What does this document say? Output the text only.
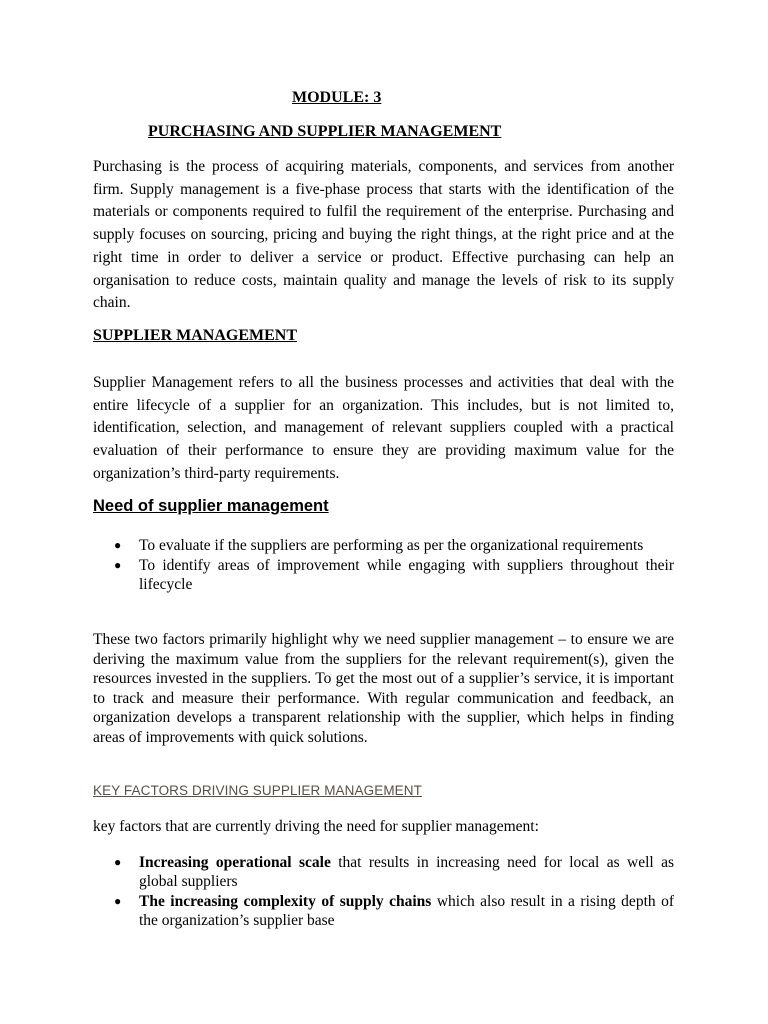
MODULE: 3

PURCHASING AND SUPPLIER MANAGEMENT

Purchasing is the process of acquiring materials, components, and services from another firm. Supply management is a five-phase process that starts with the identification of the materials or components required to fulfil the requirement of the enterprise. Purchasing and supply focuses on sourcing, pricing and buying the right things, at the right price and at the right time in order to deliver a service or product. Effective purchasing can help an organisation to reduce costs, maintain quality and manage the levels of risk to its supply chain.

SUPPLIER MANAGEMENT

Supplier Management refers to all the business processes and activities that deal with the entire lifecycle of a supplier for an organization. This includes, but is not limited to, identification, selection, and management of relevant suppliers coupled with a practical evaluation of their performance to ensure they are providing maximum value for the organization’s third-party requirements.

Need of supplier management

● To evaluate if the suppliers are performing as per the organizational requirements
● To identify areas of improvement while engaging with suppliers throughout their lifecycle

These two factors primarily highlight why we need supplier management – to ensure we are deriving the maximum value from the suppliers for the relevant requirement(s), given the resources invested in the suppliers. To get the most out of a supplier’s service, it is important to track and measure their performance. With regular communication and feedback, an organization develops a transparent relationship with the supplier, which helps in finding areas of improvements with quick solutions.

KEY FACTORS DRIVING SUPPLIER MANAGEMENT

key factors that are currently driving the need for supplier management:

● Increasing operational scale that results in increasing need for local as well as global suppliers
● The increasing complexity of supply chains which also result in a rising depth of the organization’s supplier base
